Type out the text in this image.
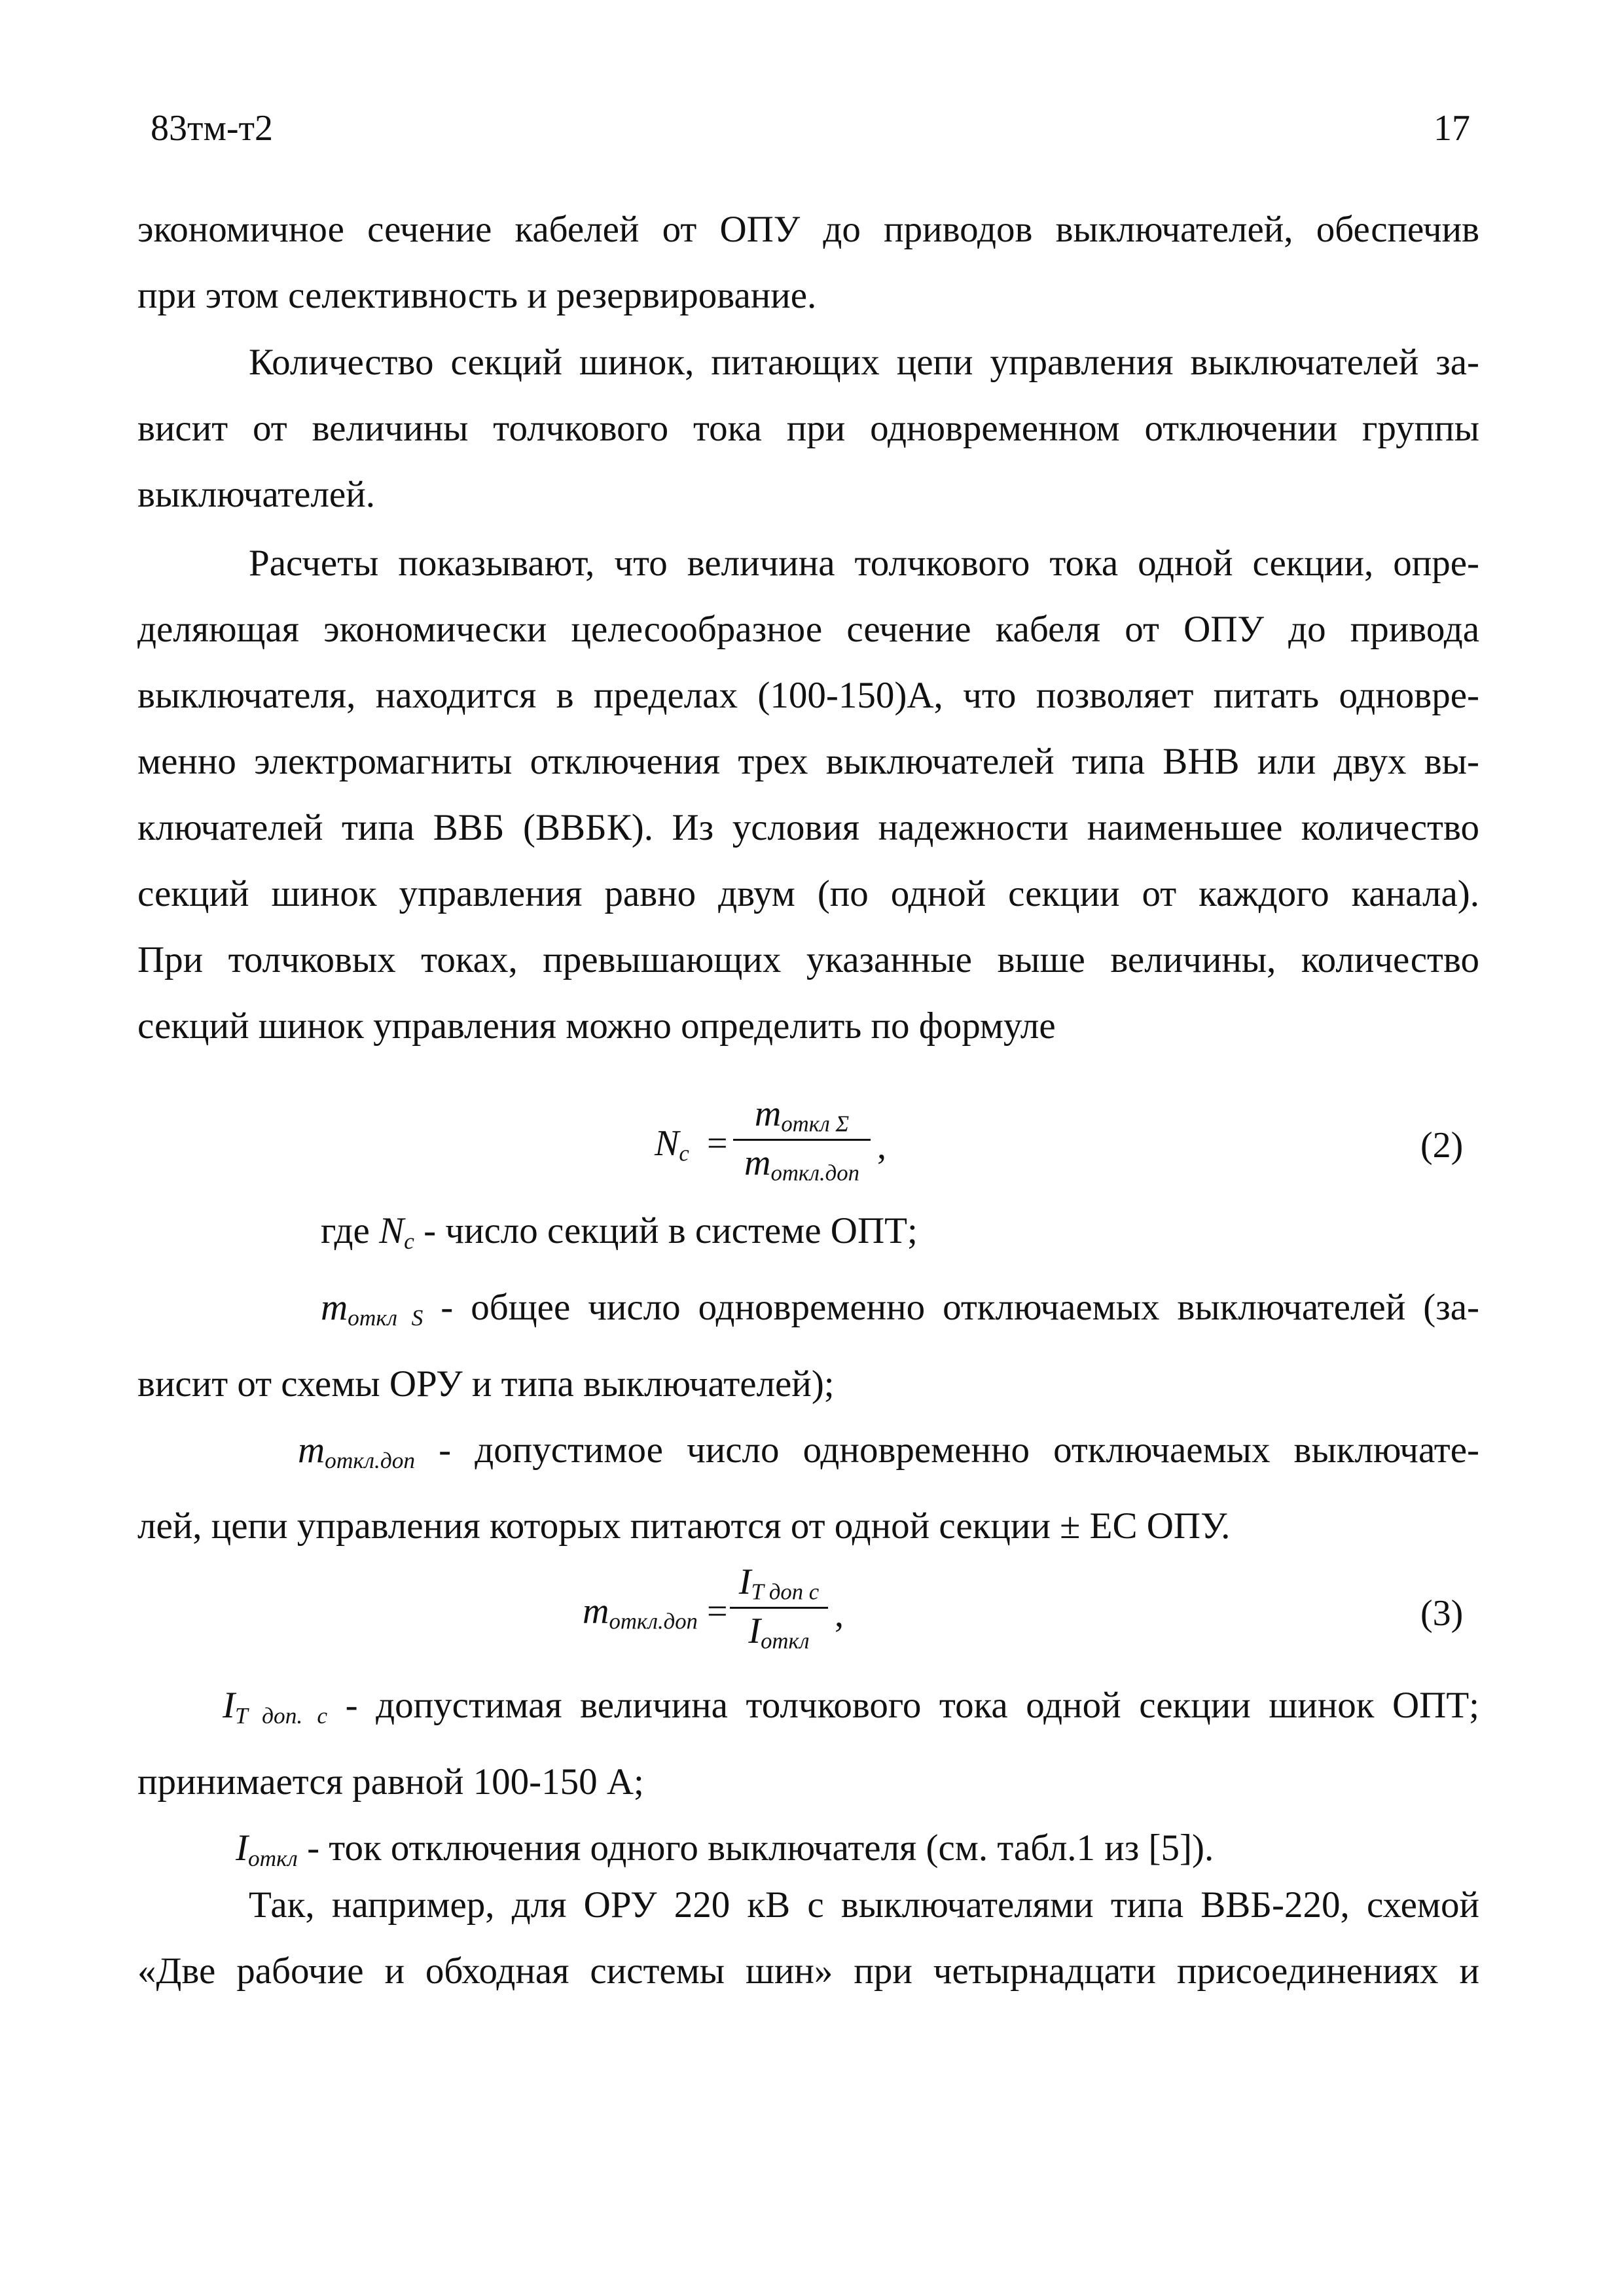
83тм-т2	17
экономичное сечение кабелей от ОПУ до приводов выключателей, обеспечив
при этом селективность и резервирование.
Количество секций шинок, питающих цепи управления выключателей за-
висит от величины толчкового тока при одновременном отключении группы
выключателей.
Расчеты показывают, что величина толчкового тока одной секции, опре-
деляющая экономически целесообразное сечение кабеля от ОПУ до привода
выключателя, находится в пределах (100-150)А, что позволяет питать одновре-
менно электромагниты отключения трех выключателей типа ВНВ или двух вы-
ключателей типа ВВБ (ВВБК). Из условия надежности наименьшее количество
секций шинок управления равно двум (по одной секции от каждого канала).
При толчковых токах, превышающих указанные выше величины, количество
секций шинок управления можно определить по формуле
$N_c$ =
$m_{откл \Sigma}$
$m_{откл.доп}$
,	(2)
где $N_c$ - число секций в системе ОПТ;
$m_{откл S}$ - общее число одновременно отключаемых выключателей (за-
висит от схемы ОРУ и типа выключателей);
$m_{откл.доп}$ - допустимое число одновременно отключаемых выключате-
лей, цепи управления которых питаются от одной секции ± ЕС ОПУ.
$m_{откл.доп}$ =
$I_{T доп с}$
$I_{откл}$
,	(3)
$I_{T доп. с}$ - допустимая величина толчкового тока одной секции шинок ОПТ;
принимается равной 100-150 А;
$I_{откл}$ - ток отключения одного выключателя (см. табл.1 из [5]).
Так, например, для ОРУ 220 кВ с выключателями типа ВВБ-220, схемой
«Две рабочие и обходная системы шин» при четырнадцати присоединениях и
